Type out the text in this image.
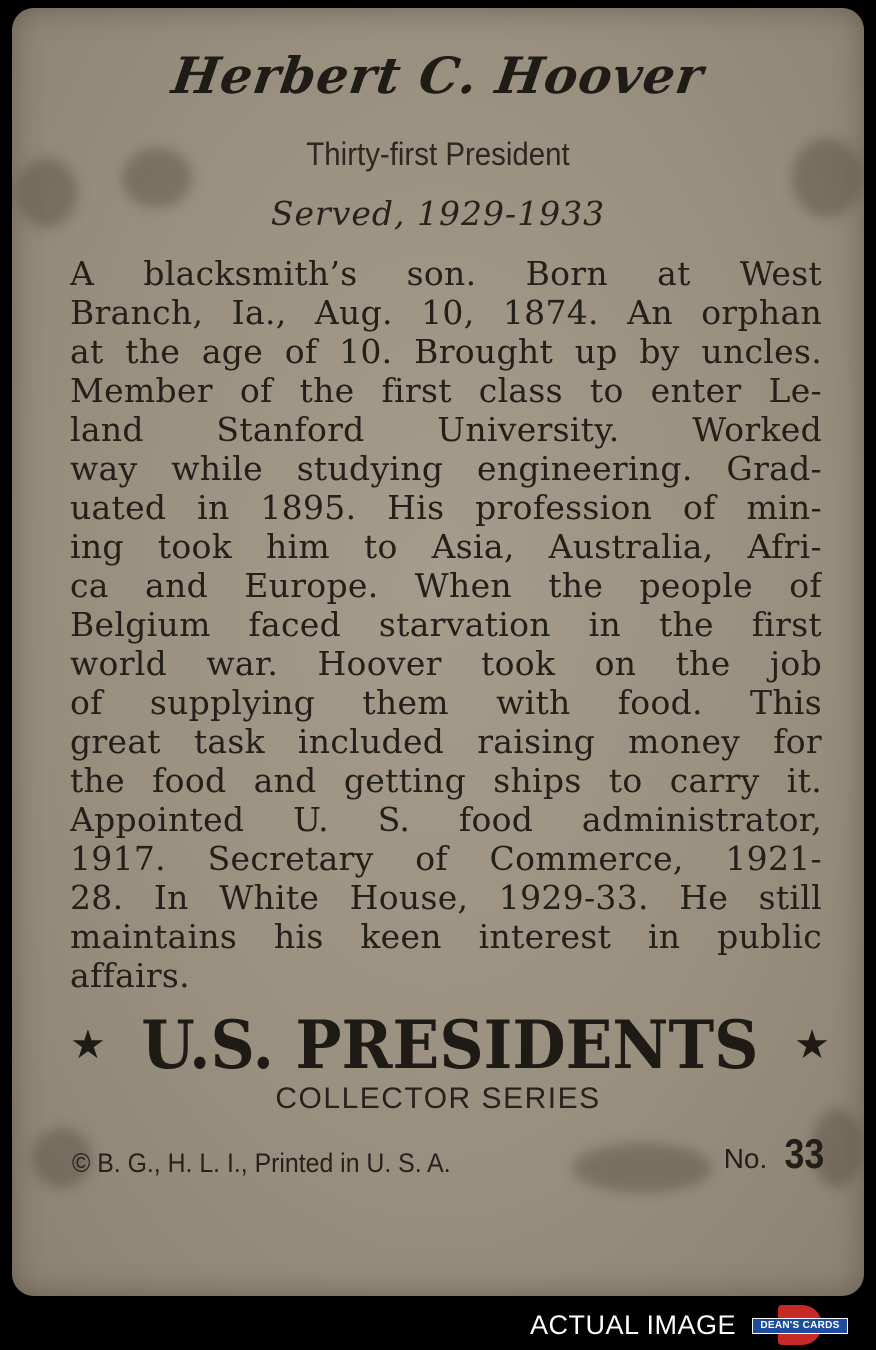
Herbert C. Hoover
Thirty-first President
Served, 1929-1933
A blacksmith’s son. Born at West
Branch, Ia., Aug. 10, 1874. An orphan
at the age of 10. Brought up by uncles.
Member of the first class to enter Le-
land Stanford University. Worked
way while studying engineering. Grad-
uated in 1895. His profession of min-
ing took him to Asia, Australia, Afri-
ca and Europe. When the people of
Belgium faced starvation in the first
world war. Hoover took on the job
of supplying them with food. This
great task included raising money for
the food and getting ships to carry it.
Appointed U. S. food administrator,
1917. Secretary of Commerce, 1921-
28. In White House, 1929-33. He still
maintains his keen interest in public
affairs.
★ U.S. PRESIDENTS ★
COLLECTOR SERIES
© B. G., H. L. I., Printed in U. S. A.	No. 33
ACTUAL IMAGE	DEAN'S CARDS
